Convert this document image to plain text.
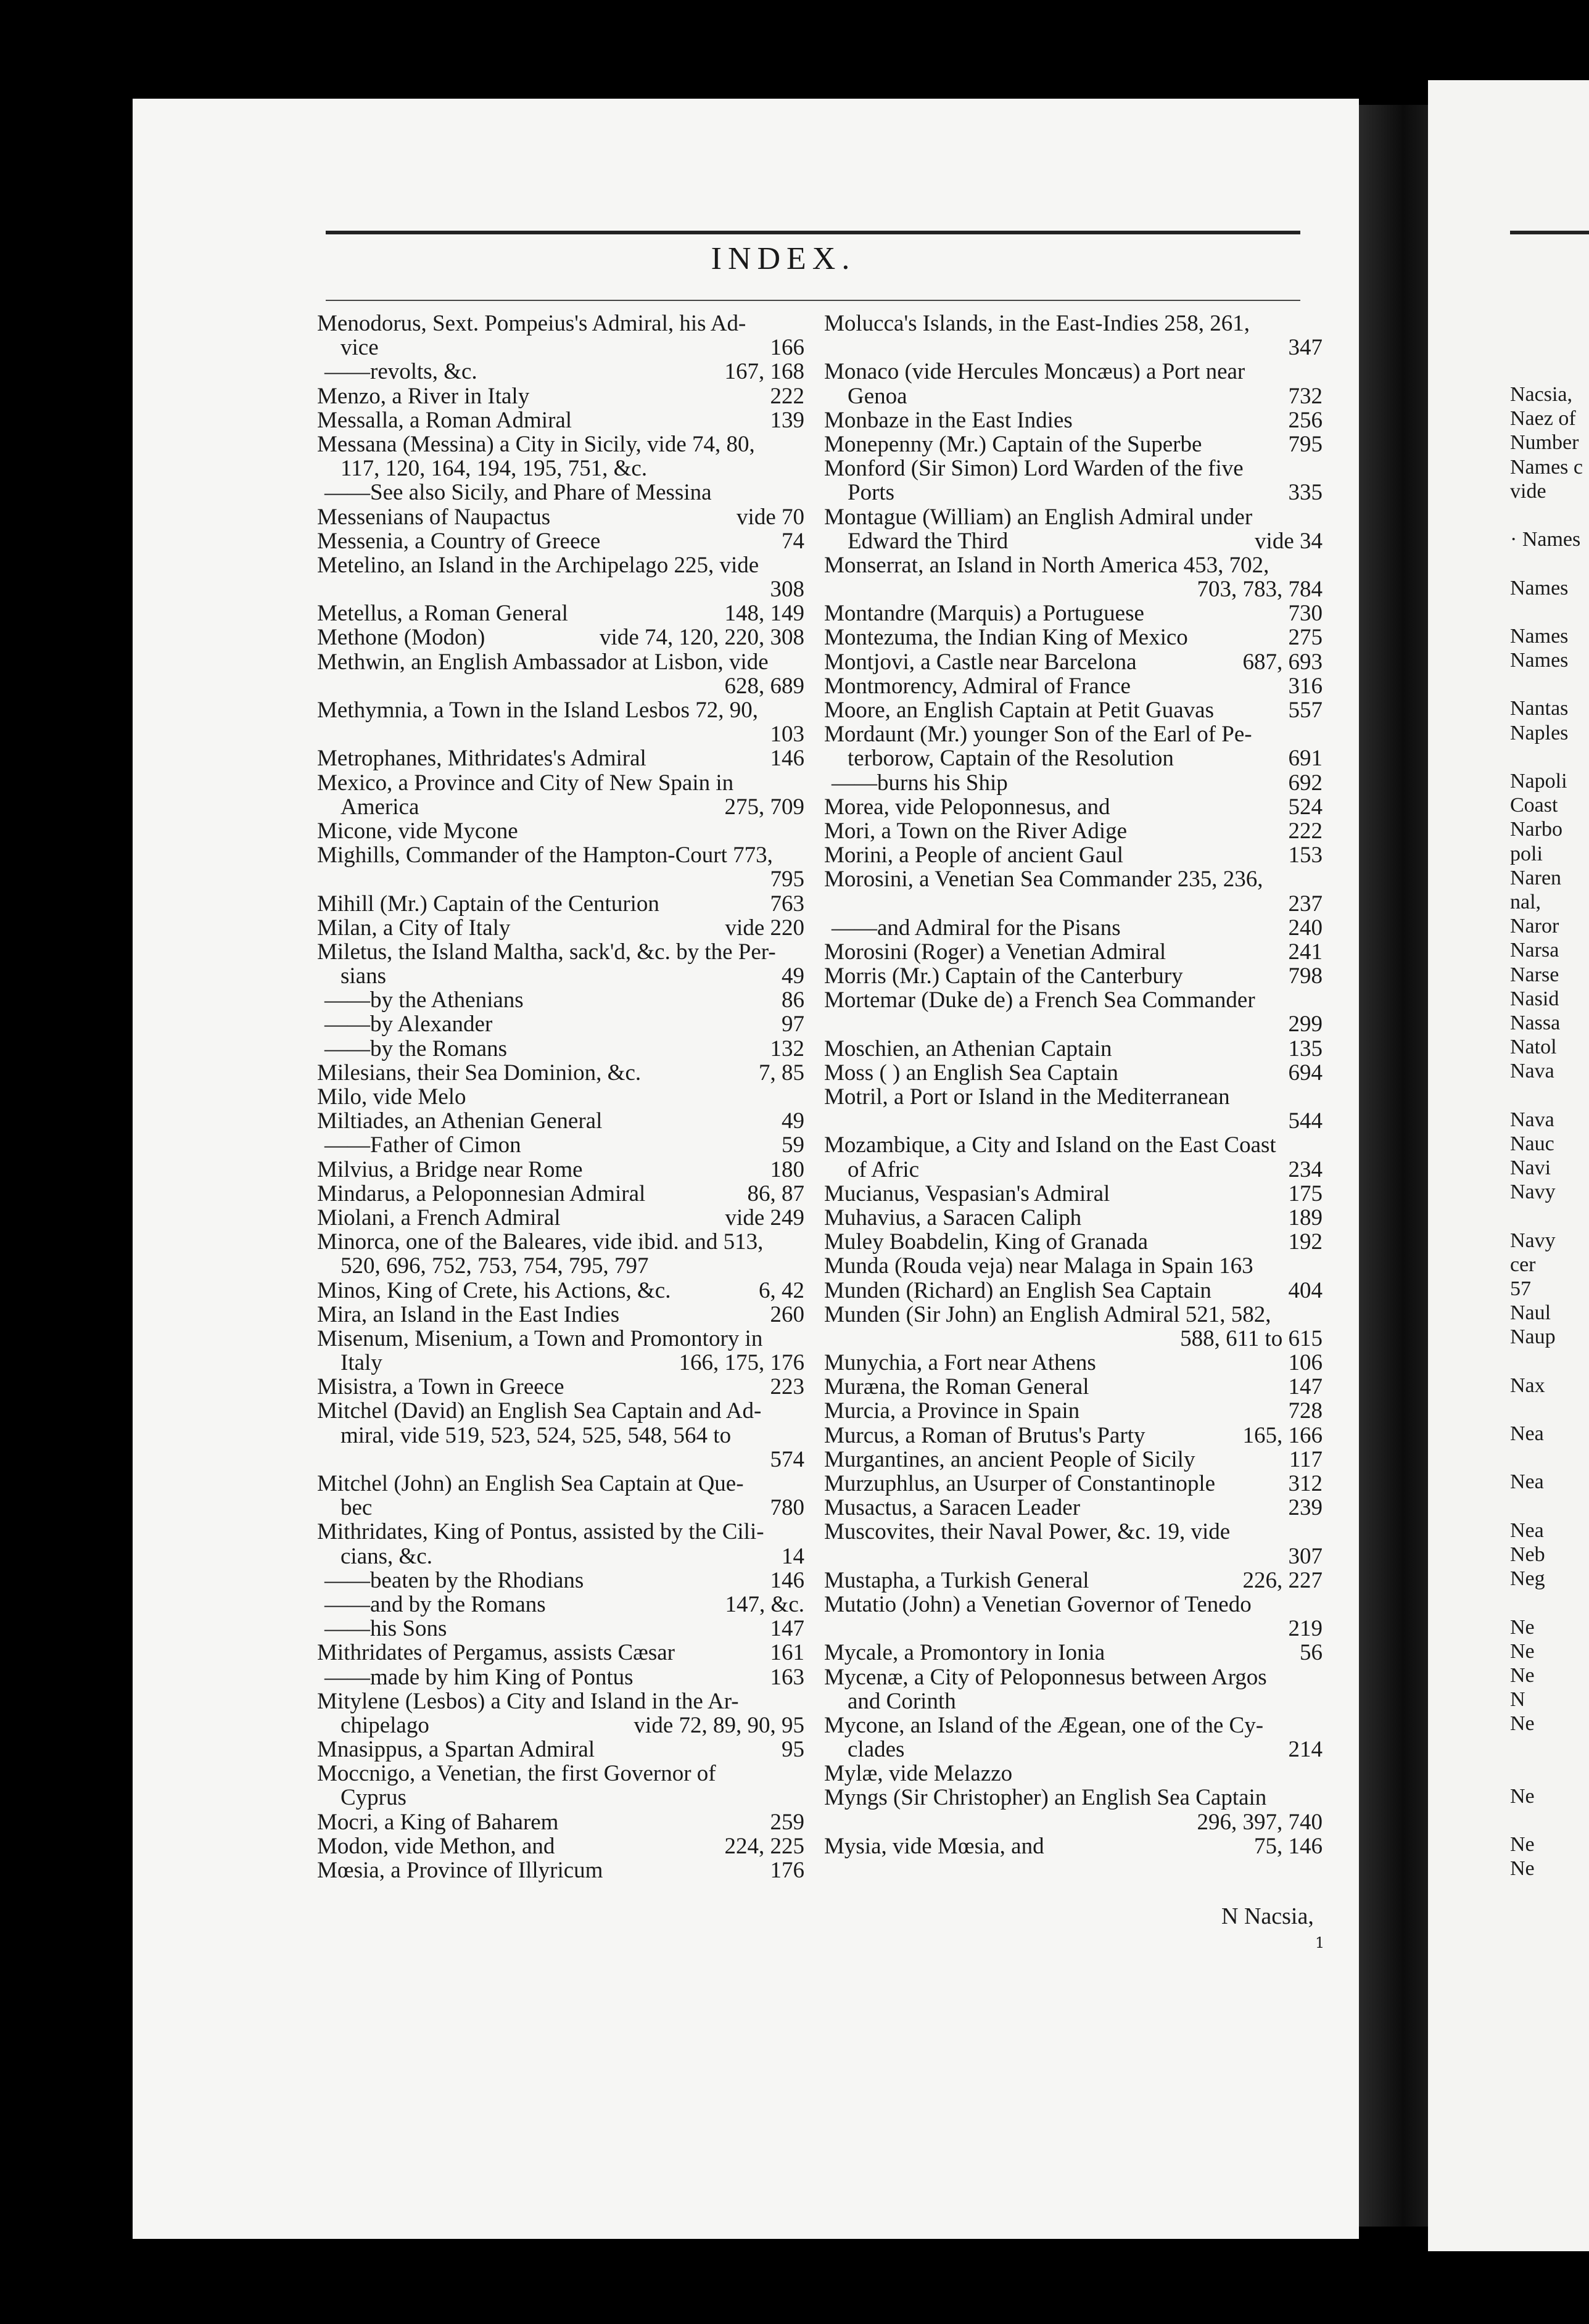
INDEX.
Menodorus, Sext. Pompeius's Admiral, his Ad-
vice	166
——revolts, &c.	167, 168
Menzo, a River in Italy	222
Messalla, a Roman Admiral	139
Messana (Messina) a City in Sicily, vide 74, 80,
117, 120, 164, 194, 195, 751, &c.
——See also Sicily, and Phare of Messina
Messenians of Naupactus	vide 70
Messenia, a Country of Greece	74
Metelino, an Island in the Archipelago 225, vide
308
Metellus, a Roman General	148, 149
Methone (Modon)	vide 74, 120, 220, 308
Methwin, an English Ambassador at Lisbon, vide
628, 689
Methymnia, a Town in the Island Lesbos 72, 90,
103
Metrophanes, Mithridates's Admiral	146
Mexico, a Province and City of New Spain in
America	275, 709
Micone, vide Mycone
Mighills, Commander of the Hampton-Court 773,
795
Mihill (Mr.) Captain of the Centurion	763
Milan, a City of Italy	vide 220
Miletus, the Island Maltha, sack'd, &c. by the Per-
sians	49
——by the Athenians	86
——by Alexander	97
——by the Romans	132
Milesians, their Sea Dominion, &c.	7, 85
Milo, vide Melo
Miltiades, an Athenian General	49
——Father of Cimon	59
Milvius, a Bridge near Rome	180
Mindarus, a Peloponnesian Admiral	86, 87
Miolani, a French Admiral	vide 249
Minorca, one of the Baleares, vide ibid. and 513,
520, 696, 752, 753, 754, 795, 797
Minos, King of Crete, his Actions, &c.	6, 42
Mira, an Island in the East Indies	260
Misenum, Misenium, a Town and Promontory in
Italy	166, 175, 176
Misistra, a Town in Greece	223
Mitchel (David) an English Sea Captain and Ad-
miral, vide 519, 523, 524, 525, 548, 564 to
574
Mitchel (John) an English Sea Captain at Que-
bec	780
Mithridates, King of Pontus, assisted by the Cili-
cians, &c.	14
——beaten by the Rhodians	146
——and by the Romans	147, &c.
——his Sons	147
Mithridates of Pergamus, assists Cæsar	161
——made by him King of Pontus	163
Mitylene (Lesbos) a City and Island in the Ar-
chipelago	vide 72, 89, 90, 95
Mnasippus, a Spartan Admiral	95
Moccnigo, a Venetian, the first Governor of
Cyprus
Mocri, a King of Baharem	259
Modon, vide Methon, and	224, 225
Mœsia, a Province of Illyricum	176
Molucca's Islands, in the East-Indies 258, 261,
347
Monaco (vide Hercules Moncæus) a Port near
Genoa	732
Monbaze in the East Indies	256
Monepenny (Mr.) Captain of the Superbe	795
Monford (Sir Simon) Lord Warden of the five
Ports	335
Montague (William) an English Admiral under
Edward the Third	vide 34
Monserrat, an Island in North America 453, 702,
703, 783, 784
Montandre (Marquis) a Portuguese	730
Montezuma, the Indian King of Mexico	275
Montjovi, a Castle near Barcelona	687, 693
Montmorency, Admiral of France	316
Moore, an English Captain at Petit Guavas	557
Mordaunt (Mr.) younger Son of the Earl of Pe-
terborow, Captain of the Resolution	691
——burns his Ship	692
Morea, vide Peloponnesus, and	524
Mori, a Town on the River Adige	222
Morini, a People of ancient Gaul	153
Morosini, a Venetian Sea Commander 235, 236,
237
——and Admiral for the Pisans	240
Morosini (Roger) a Venetian Admiral	241
Morris (Mr.) Captain of the Canterbury	798
Mortemar (Duke de) a French Sea Commander
299
Moschien, an Athenian Captain	135
Moss ( ) an English Sea Captain	694
Motril, a Port or Island in the Mediterranean
544
Mozambique, a City and Island on the East Coast
of Afric	234
Mucianus, Vespasian's Admiral	175
Muhavius, a Saracen Caliph	189
Muley Boabdelin, King of Granada	192
Munda (Rouda veja) near Malaga in Spain 163
Munden (Richard) an English Sea Captain	404
Munden (Sir John) an English Admiral 521, 582,
588, 611 to 615
Munychia, a Fort near Athens	106
Muræna, the Roman General	147
Murcia, a Province in Spain	728
Murcus, a Roman of Brutus's Party	165, 166
Murgantines, an ancient People of Sicily	117
Murzuphlus, an Usurper of Constantinople	312
Musactus, a Saracen Leader	239
Muscovites, their Naval Power, &c. 19, vide
307
Mustapha, a Turkish General	226, 227
Mutatio (John) a Venetian Governor of Tenedo
219
Mycale, a Promontory in Ionia	56
Mycenæ, a City of Peloponnesus between Argos
and Corinth
Mycone, an Island of the Ægean, one of the Cy-
clades	214
Mylæ, vide Melazzo
Myngs (Sir Christopher) an English Sea Captain
296, 397, 740
Mysia, vide Mœsia, and	75, 146
Nacsia,
Naez of
Number
Names c
vide
· Names
Names
Names
Names
Nantas
Naples
Napoli
Coast
Narbo
poli
Naren
nal,
Naror
Narsa
Narse
Nasid
Nassa
Natol
Nava
Nava
Nauc
Navi
Navy
Navy
cer
57
Naul
Naup
Nax
Nea
Nea
Nea
Neb
Neg
Ne
Ne
Ne
N
Ne
Ne
Ne
Ne
N Nacsia,
1
